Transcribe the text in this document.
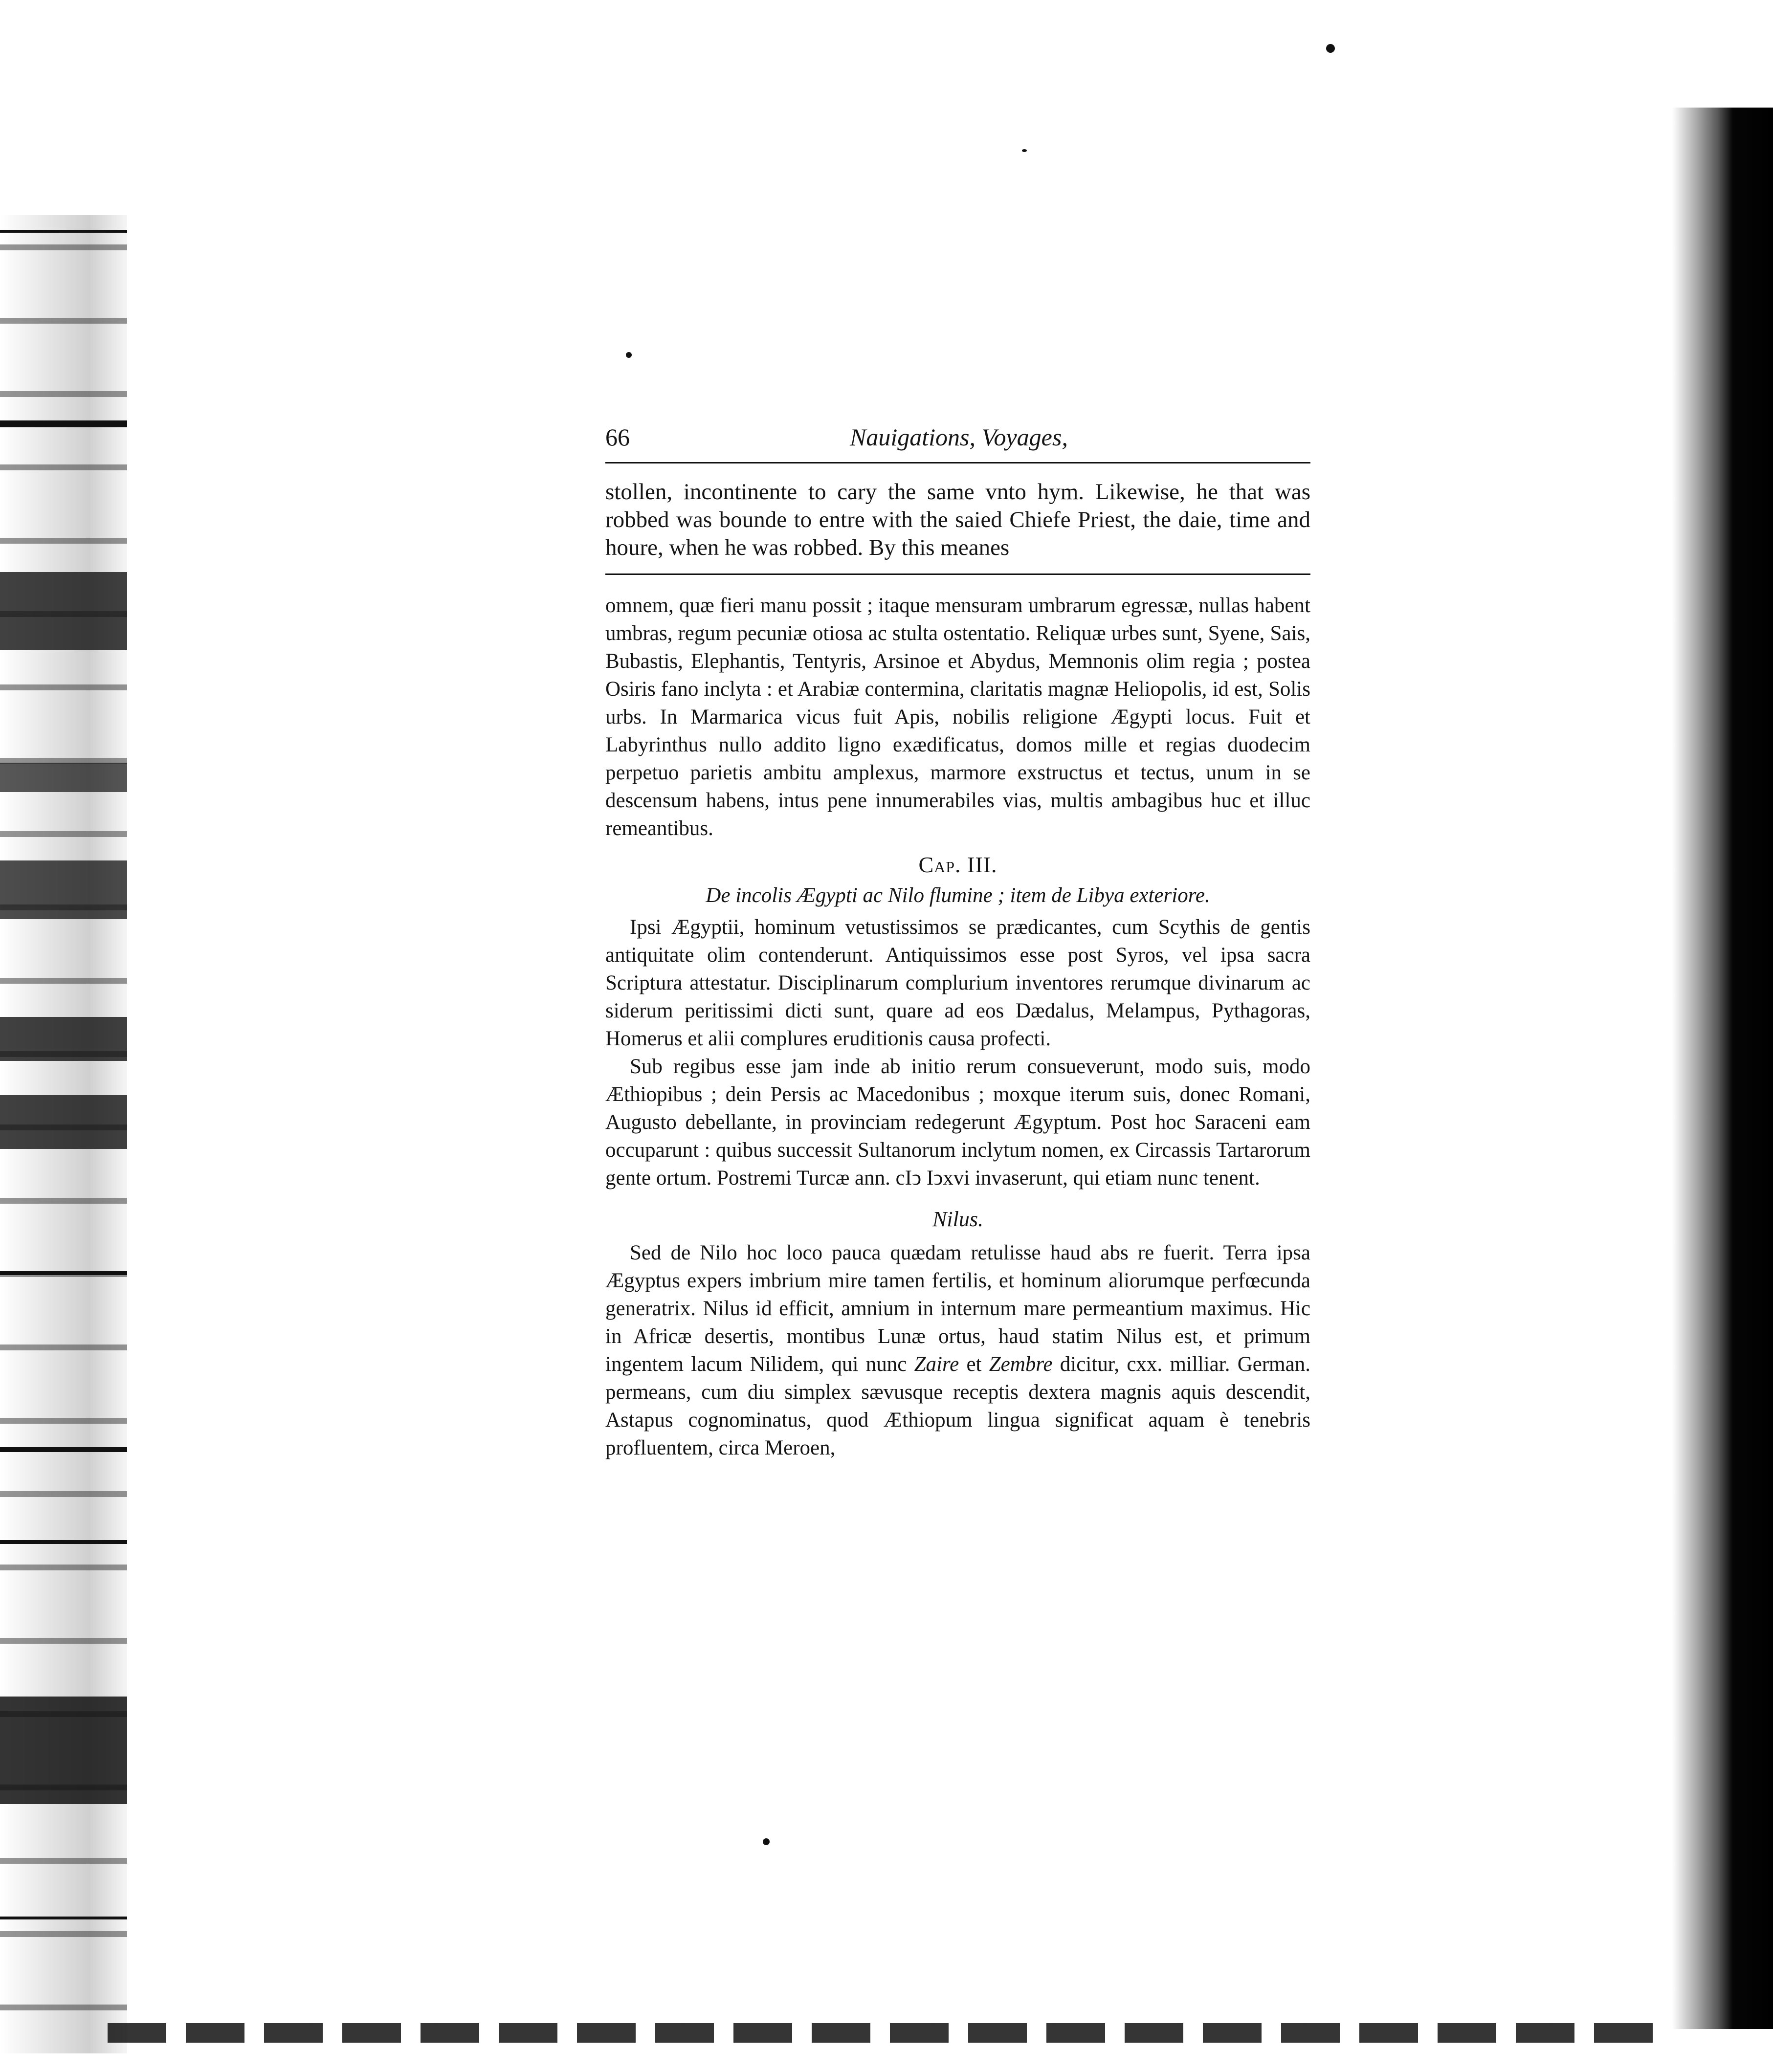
66	Nauigations, Voyages,
stollen, incontinente to cary the same vnto hym. Likewise, he that was robbed was bounde to entre with the saied Chiefe Priest, the daie, time and houre, when he was robbed. By this meanes

omnem, quæ fieri manu possit ; itaque mensuram umbrarum egressæ, nullas habent umbras, regum pecuniæ otiosa ac stulta ostentatio. Reliquæ urbes sunt, Syene, Sais, Bubastis, Elephantis, Tentyris, Arsinoe et Abydus, Memnonis olim regia ; postea Osiris fano inclyta : et Arabiæ contermina, claritatis magnæ Heliopolis, id est, Solis urbs. In Marmarica vicus fuit Apis, nobilis religione Ægypti locus. Fuit et Labyrinthus nullo addito ligno exædificatus, domos mille et regias duodecim perpetuo parietis ambitu amplexus, marmore exstructus et tectus, unum in se descensum habens, intus pene innumerabiles vias, multis ambagibus huc et illuc remeantibus.

Cap. III.
De incolis Ægypti ac Nilo flumine ; item de Libya exteriore.

Ipsi Ægyptii, hominum vetustissimos se prædicantes, cum Scythis de gentis antiquitate olim contenderunt. Antiquissimos esse post Syros, vel ipsa sacra Scriptura attestatur. Disciplinarum complurium inventores rerumque divinarum ac siderum peritissimi dicti sunt, quare ad eos Dædalus, Melampus, Pythagoras, Homerus et alii complures eruditionis causa profecti.

Sub regibus esse jam inde ab initio rerum consueverunt, modo suis, modo Æthiopibus ; dein Persis ac Macedonibus ; moxque iterum suis, donec Romani, Augusto debellante, in provinciam redegerunt Ægyptum. Post hoc Saraceni eam occuparunt : quibus successit Sultanorum inclytum nomen, ex Circassis Tartarorum gente ortum. Postremi Turcæ ann. cIↄ Iↄxvi invaserunt, qui etiam nunc tenent.

Nilus.

Sed de Nilo hoc loco pauca quædam retulisse haud abs re fuerit. Terra ipsa Ægyptus expers imbrium mire tamen fertilis, et hominum aliorumque perfœcunda generatrix. Nilus id efficit, amnium in internum mare permeantium maximus. Hic in Africæ desertis, montibus Lunæ ortus, haud statim Nilus est, et primum ingentem lacum Nilidem, qui nunc Zaire et Zembre dicitur, cxx. milliar. German. permeans, cum diu simplex sævusque receptis dextera magnis aquis descendit, Astapus cognominatus, quod Æthiopum lingua significat aquam è tenebris profluentem, circa Meroen,
